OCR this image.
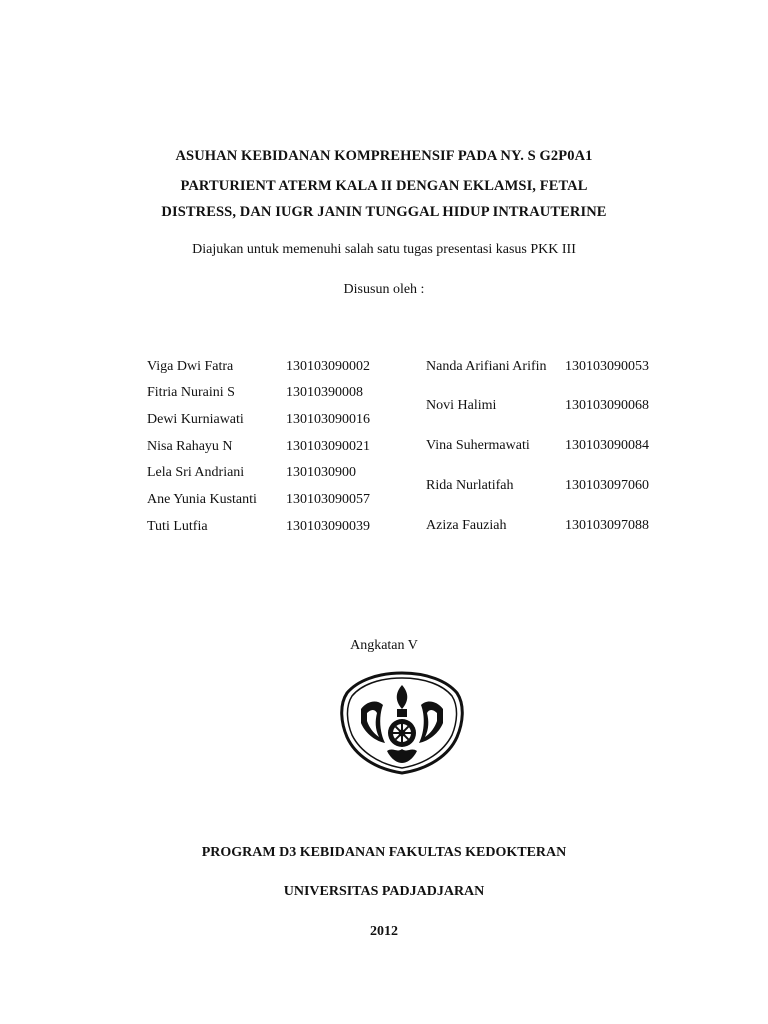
ASUHAN KEBIDANAN KOMPREHENSIF PADA NY. S G2P0A1
PARTURIENT ATERM KALA II DENGAN EKLAMSI, FETAL
DISTRESS, DAN IUGR JANIN TUNGGAL HIDUP INTRAUTERINE
Diajukan untuk memenuhi salah satu tugas presentasi kasus PKK III
Disusun oleh :
Viga Dwi Fatra	130103090002
Fitria Nuraini S	13010390008
Dewi Kurniawati	130103090016
Nisa Rahayu N	130103090021
Lela Sri Andriani	1301030900
Ane Yunia Kustanti 130103090057
Tuti Lutfia	130103090039
Nanda Arifiani Arifin 130103090053
Novi Halimi	130103090068
Vina Suhermawati	130103090084
Rida Nurlatifah	130103097060
Aziza Fauziah	130103097088
Angkatan V
PROGRAM D3 KEBIDANAN FAKULTAS KEDOKTERAN
UNIVERSITAS PADJADJARAN
2012
